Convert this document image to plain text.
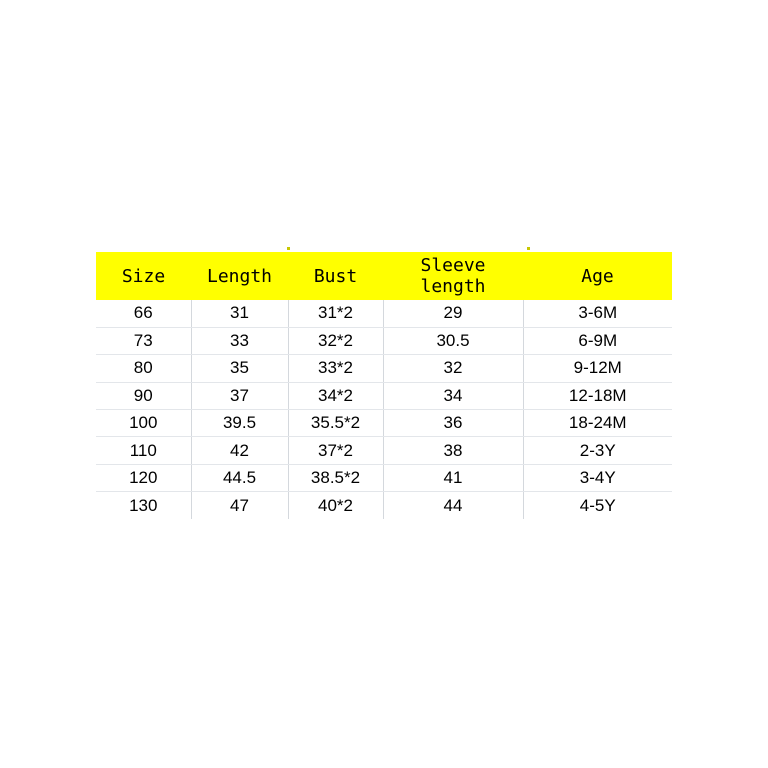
Size	Length	Bust	Sleeve length	Age
66	31	31*2	29	3-6M
73	33	32*2	30.5	6-9M
80	35	33*2	32	9-12M
90	37	34*2	34	12-18M
100	39.5	35.5*2	36	18-24M
110	42	37*2	38	2-3Y
120	44.5	38.5*2	41	3-4Y
130	47	40*2	44	4-5Y
